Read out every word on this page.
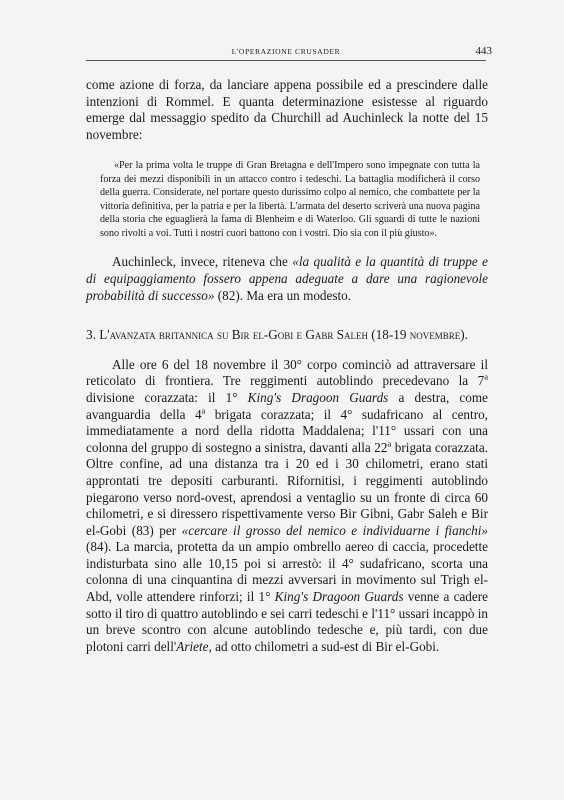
L'OPERAZIONE CRUSADER	443

come azione di forza, da lanciare appena possibile ed a prescindere dalle intenzioni di Rommel. E quanta determinazione esistesse al riguardo emerge dal messaggio spedito da Churchill ad Auchinleck la notte del 15 novembre:

«Per la prima volta le truppe di Gran Bretagna e dell'Impero sono impegnate con tutta la forza dei mezzi disponibili in un attacco contro i tedeschi. La battaglia modificherà il corso della guerra. Considerate, nel portare questo durissimo colpo al nemico, che combattete per la vittoria definitiva, per la patria e per la libertà. L'armata del deserto scriverà una nuova pagina della storia che eguaglierà la fama di Blenheim e di Waterloo. Gli sguardi di tutte le nazioni sono rivolti a voi. Tutti i nostri cuori battono con i vostri. Dio sia con il più giusto».

Auchinleck, invece, riteneva che «la qualità e la quantità di truppe e di equipaggiamento fossero appena adeguate a dare una ragionevole probabilità di successo» (82). Ma era un modesto.

3. L'avanzata britannica su Bir el-Gobi e Gabr Saleh (18-19 novembre).

Alle ore 6 del 18 novembre il 30° corpo cominciò ad attraversare il reticolato di frontiera. Tre reggimenti autoblindo precedevano la 7$^a$ divisione corazzata: il 1° King's Dragoon Guards a destra, come avanguardia della 4$^a$ brigata corazzata; il 4° sudafricano al centro, immediatamente a nord della ridotta Maddalena; l'11° ussari con una colonna del gruppo di sostegno a sinistra, davanti alla 22$^a$ brigata corazzata. Oltre confine, ad una distanza tra i 20 ed i 30 chilometri, erano stati approntati tre depositi carburanti. Rifornitisi, i reggimenti autoblindo piegarono verso nord-ovest, aprendosi a ventaglio su un fronte di circa 60 chilometri, e si diressero rispettivamente verso Bir Gibni, Gabr Saleh e Bir el-Gobi (83) per «cercare il grosso del nemico e individuarne i fianchi» (84). La marcia, protetta da un ampio ombrello aereo di caccia, procedette indisturbata sino alle 10,15 poi si arrestò: il 4° sudafricano, scorta una colonna di una cinquantina di mezzi avversari in movimento sul Trigh el-Abd, volle attendere rinforzi; il 1° King's Dragoon Guards venne a cadere sotto il tiro di quattro autoblindo e sei carri tedeschi e l'11° ussari incappò in un breve scontro con alcune autoblindo tedesche e, più tardi, con due plotoni carri dell'Ariete, ad otto chilometri a sud-est di Bir el-Gobi.
